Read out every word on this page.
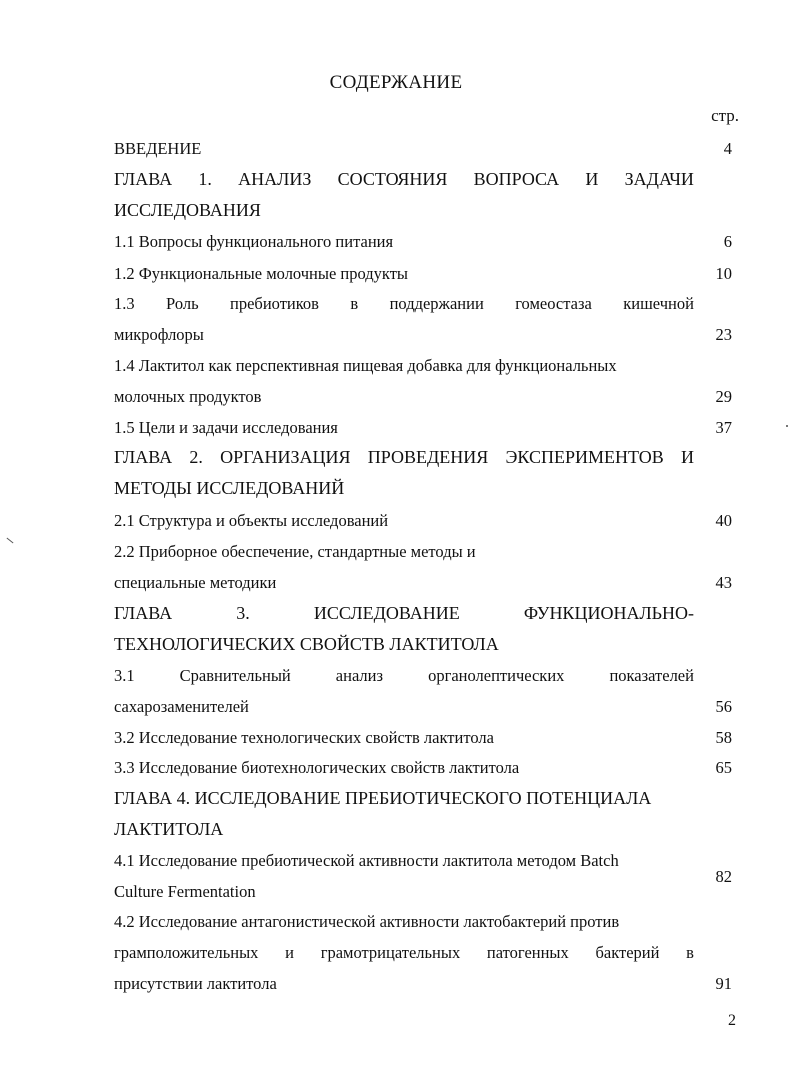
СОДЕРЖАНИЕ
стр.
ВВЕДЕНИЕ	4
ГЛАВА 1. АНАЛИЗ СОСТОЯНИЯ ВОПРОСА И ЗАДАЧИ
ИССЛЕДОВАНИЯ
1.1 Вопросы функционального питания	6
1.2 Функциональные молочные продукты	10
1.3 Роль пребиотиков в поддержании гомеостаза кишечной
микрофлоры	23
1.4 Лактитол как перспективная пищевая добавка для функциональных
молочных продуктов	29
1.5 Цели и задачи исследования	37
ГЛАВА 2. ОРГАНИЗАЦИЯ ПРОВЕДЕНИЯ ЭКСПЕРИМЕНТОВ И
МЕТОДЫ ИССЛЕДОВАНИЙ
2.1 Структура и объекты исследований	40
2.2 Приборное обеспечение, стандартные методы и
специальные методики	43
ГЛАВА	3.	ИССЛЕДОВАНИЕ	ФУНКЦИОНАЛЬНО-
ТЕХНОЛОГИЧЕСКИХ СВОЙСТВ ЛАКТИТОЛА
3.1	Сравнительный	анализ	органолептических	показателей
сахарозаменителей	56
3.2 Исследование технологических свойств лактитола	58
3.3 Исследование биотехнологических свойств лактитола	65
ГЛАВА 4. ИССЛЕДОВАНИЕ ПРЕБИОТИЧЕСКОГО ПОТЕНЦИАЛА
ЛАКТИТОЛА
4.1 Исследование пребиотической активности лактитола методом Batch
Culture Fermentation
82
4.2 Исследование антагонистической активности лактобактерий против
грамположительных и грамотрицательных патогенных бактерий в
присутствии лактитола	91
2
